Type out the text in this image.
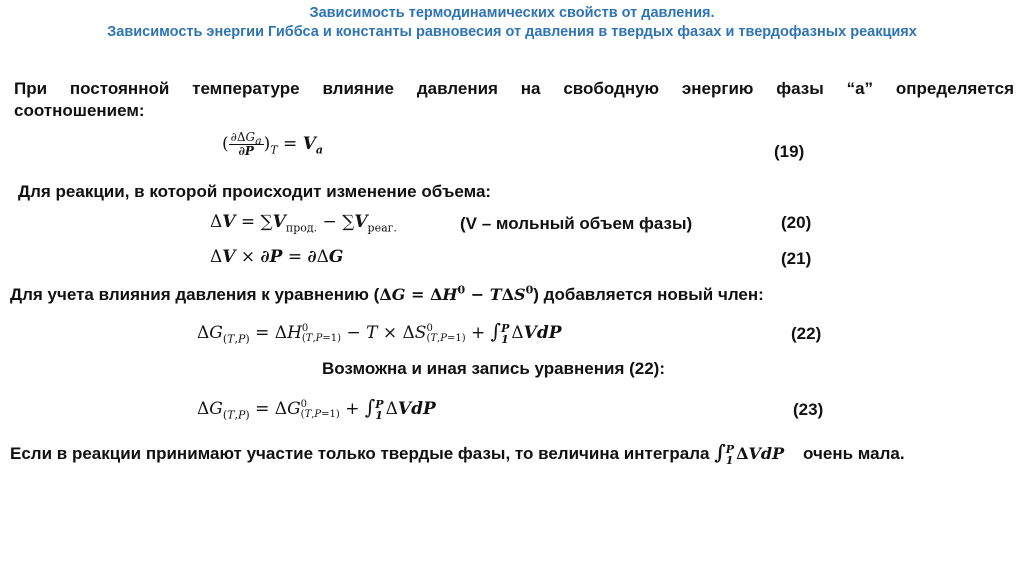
Зависимость термодинамических свойств от давления.
Зависимость энергии Гиббса и константы равновесия от давления в твердых фазах и твердофазных реакциях
При постоянной температуре влияние давления на свободную энергию фазы “a” определяется
соотношением:
( $\frac{\partial\Delta G_a}{\partial P} )_T = V_a$	(19)
Для реакции, в которой происходит изменение объема:
$\Delta V = \sum V_{прод.} - \sum V_{реаг.}$	(V – мольный объем фазы)	(20)
ΔV × ∂P = ∂ΔG	(21)
Для учета влияния давления к уравнению $(\Delta G = \Delta H^0 - T\Delta S^0)$ добавляется новый член:
$\Delta G_{(T,P)} = \Delta H$ 0
(T,P=1) − T × ΔS 0
(T,P=1) + ∫ P
1 ΔVdP	(22)
Возможна и иная запись уравнения (22):
$\Delta G_{(T,P)} = \Delta G$ 0
(T,P=1) + ∫ P
1 ΔVdP	(23)
Если в реакции принимают участие только твердые фазы, то величина интеграла ∫ P
1 ΔVdP очень мала.
